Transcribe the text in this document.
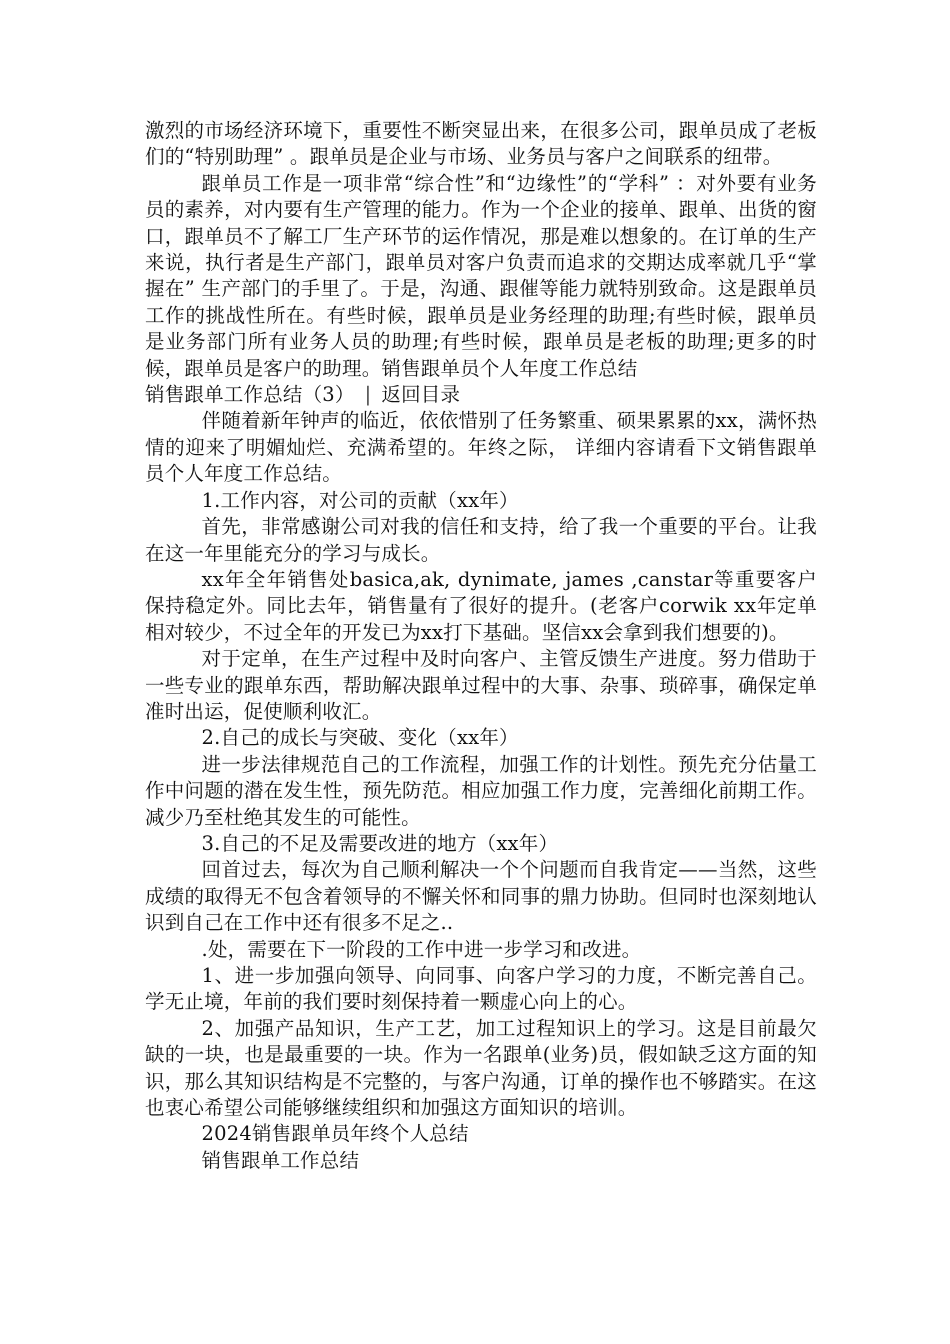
激烈的市场经济环境下，重要性不断突显出来，在很多公司，跟单员成了老板们的“特别助理” 。跟单员是企业与市场、业务员与客户之间联系的纽带。

跟单员工作是一项非常“综合性”和“边缘性”的“学科” ：对外要有业务员的素养，对内要有生产管理的能力。作为一个企业的接单、跟单、出货的窗口，跟单员不了解工厂生产环节的运作情况，那是难以想象的。在订单的生产来说，执行者是生产部门，跟单员对客户负责而追求的交期达成率就几乎“掌握在” 生产部门的手里了。于是，沟通、跟催等能力就特别致命。这是跟单员工作的挑战性所在。有些时候，跟单员是业务经理的助理;有些时候，跟单员是业务部门所有业务人员的助理;有些时候，跟单员是老板的助理;更多的时候，跟单员是客户的助理。销售跟单员个人年度工作总结

销售跟单工作总结（3） | 返回目录

伴随着新年钟声的临近，依依惜别了任务繁重、硕果累累的xx，满怀热情的迎来了明媚灿烂、充满希望的。年终之际， 详细内容请看下文销售跟单员个人年度工作总结。

1.工作内容，对公司的贡献（xx年）

首先，非常感谢公司对我的信任和支持，给了我一个重要的平台。让我在这一年里能充分的学习与成长。

xx年全年销售处basica,ak, dynimate, james ,canstar等重要客户保持稳定外。同比去年，销售量有了很好的提升。(老客户corwik xx年定单相对较少，不过全年的开发已为xx打下基础。坚信xx会拿到我们想要的)。

对于定单，在生产过程中及时向客户、主管反馈生产进度。努力借助于一些专业的跟单东西，帮助解决跟单过程中的大事、杂事、琐碎事，确保定单准时出运，促使顺利收汇。

2.自己的成长与突破、变化（xx年）

进一步法律规范自己的工作流程，加强工作的计划性。预先充分估量工作中问题的潜在发生性，预先防范。相应加强工作力度，完善细化前期工作。减少乃至杜绝其发生的可能性。

3.自己的不足及需要改进的地方（xx年）

回首过去，每次为自己顺利解决一个个问题而自我肯定——当然，这些成绩的取得无不包含着领导的不懈关怀和同事的鼎力协助。但同时也深刻地认识到自己在工作中还有很多不足之..

.处，需要在下一阶段的工作中进一步学习和改进。

1、进一步加强向领导、向同事、向客户学习的力度，不断完善自己。学无止境，年前的我们要时刻保持着一颗虚心向上的心。

2、加强产品知识，生产工艺，加工过程知识上的学习。这是目前最欠缺的一块，也是最重要的一块。作为一名跟单(业务)员，假如缺乏这方面的知识，那么其知识结构是不完整的，与客户沟通，订单的操作也不够踏实。在这也衷心希望公司能够继续组织和加强这方面知识的培训。

2024销售跟单员年终个人总结

销售跟单工作总结
